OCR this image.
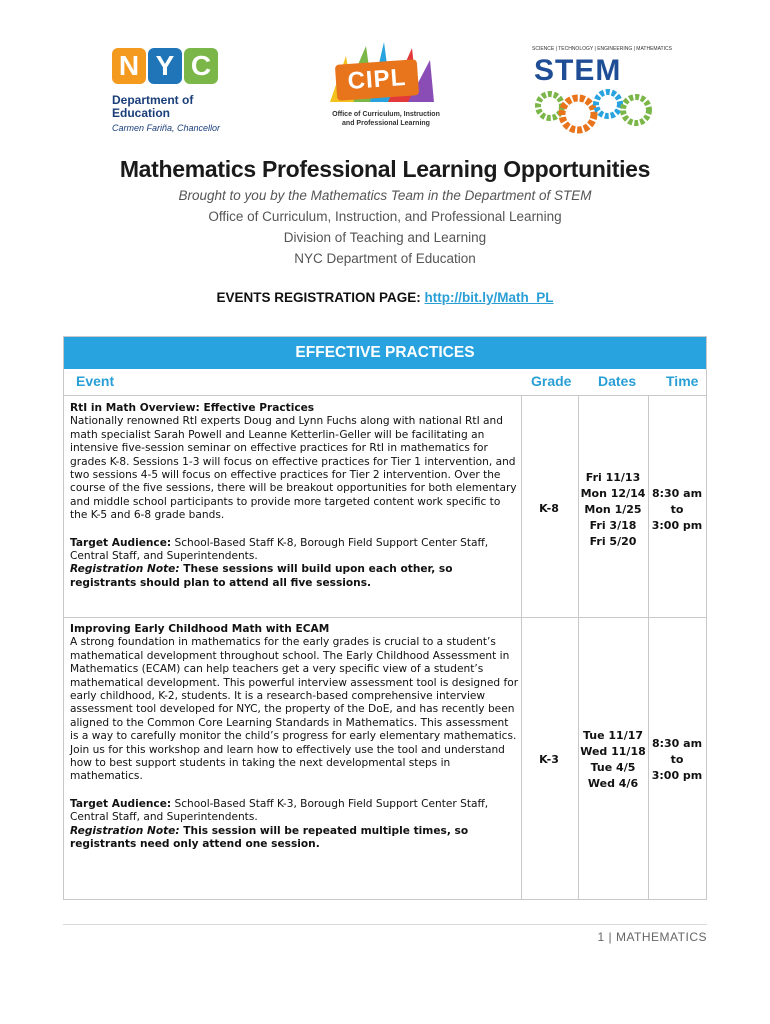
N Y C
Department of
Education
Carmen Fariña, Chancellor
CIPL
Office of Curriculum, Instruction
and Professional Learning
SCIENCE | TECHNOLOGY | ENGINEERING | MATHEMATICS
STEM
Mathematics Professional Learning Opportunities
Brought to you by the Mathematics Team in the Department of STEM
Office of Curriculum, Instruction, and Professional Learning
Division of Teaching and Learning
NYC Department of Education
EVENTS REGISTRATION PAGE: http://bit.ly/Math_PL
EFFECTIVE PRACTICES
Event	Grade Dates Time

RtI in Math Overview: Effective Practices

Nationally renowned RtI experts Doug and Lynn Fuchs along with national RtI and math specialist Sarah Powell and Leanne Ketterlin-Geller will be facilitating an intensive five-session seminar on effective practices for RtI in mathematics for grades K-8. Sessions 1-3 will focus on effective practices for Tier 1 intervention, and two sessions 4-5 will focus on effective practices for Tier 2 intervention. Over the course of the five sessions, there will be breakout opportunities for both elementary and middle school participants to provide more targeted content work specific to the K-5 and 6-8 grade bands.

Target Audience: School-Based Staff K-8, Borough Field Support Center Staff, Central Staff, and Superintendents.

Registration Note: These sessions will build upon each other, so registrants should plan to attend all five sessions.

K-8
Fri 11/13
Mon 12/14
Mon 1/25
Fri 3/18
Fri 5/20
8:30 am
to
3:00 pm

Improving Early Childhood Math with ECAM

A strong foundation in mathematics for the early grades is crucial to a student’s mathematical development throughout school. The Early Childhood Assessment in Mathematics (ECAM) can help teachers get a very specific view of a student’s mathematical development. This powerful interview assessment tool is designed for early childhood, K-2, students. It is a research-based comprehensive interview assessment tool developed for NYC, the property of the DoE, and has recently been aligned to the Common Core Learning Standards in Mathematics. This assessment is a way to carefully monitor the child’s progress for early elementary mathematics. Join us for this workshop and learn how to effectively use the tool and understand how to best support students in taking the next developmental steps in mathematics.

Target Audience: School-Based Staff K-3, Borough Field Support Center Staff, Central Staff, and Superintendents.

Registration Note: This session will be repeated multiple times, so registrants need only attend one session.

K-3
Tue 11/17
Wed 11/18
Tue 4/5
Wed 4/6
8:30 am
to
3:00 pm
1 | MATHEMATICS
